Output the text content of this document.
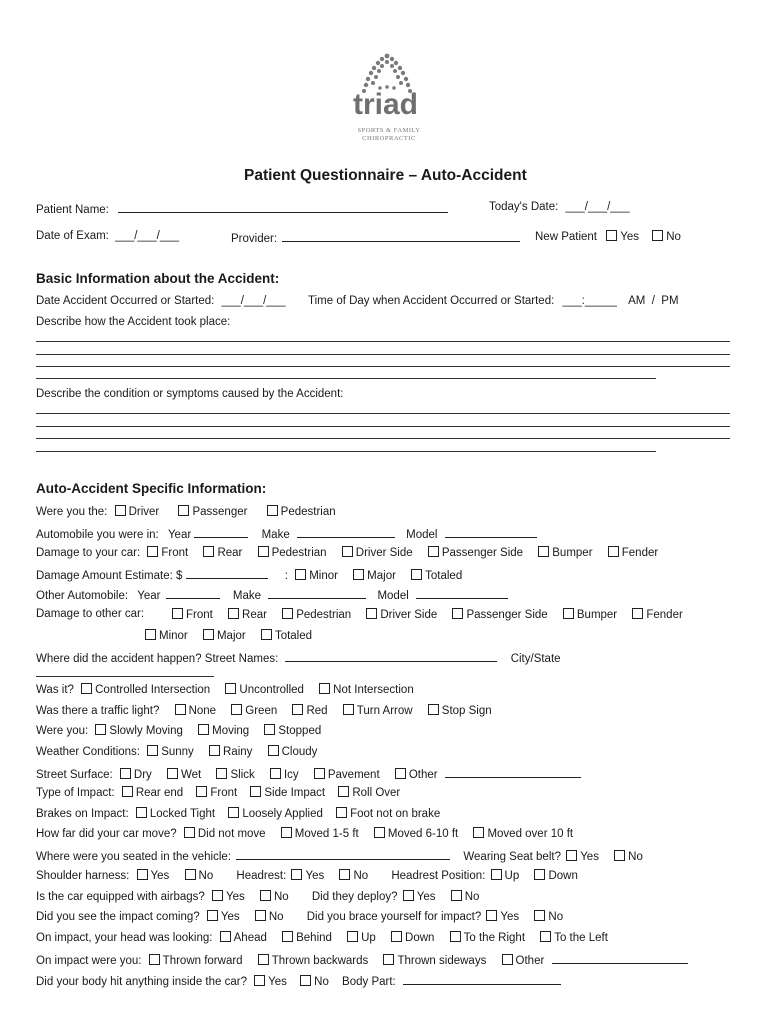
triad
SPORTS & FAMILY
CHIROPRACTIC
Patient Questionnaire – Auto-Accident
Patient Name:	Today's Date: ___/___/___
Date of Exam: ___/___/___	Provider:	New Patient Yes No
Basic Information about the Accident:
Date Accident Occurred or Started: ___/___/___ Time of Day when Accident Occurred or Started: ___:_____ AM  /  PM
Describe how the Accident took place:
Describe the condition or symptoms caused by the Accident:
Auto-Accident Specific Information:
Were you the: Driver	Passenger	Pedestrian
Automobile you were in: Year	Make	Model
Damage to your car: Front	Rear	Pedestrian	Driver Side	Passenger Side	Bumper	Fender
Damage Amount Estimate: $	: Minor	Major	Totaled
Other Automobile: Year	Make	Model
Damage to other car:	Front	Rear	Pedestrian	Driver Side	Passenger Side	Bumper	Fender
Minor	Major	Totaled
Where did the accident happen? Street Names:	City/State
Was it? Controlled Intersection	Uncontrolled	Not Intersection
Was there a traffic light?	None	Green	Red	Turn Arrow	Stop Sign
Were you: Slowly Moving	Moving	Stopped
Weather Conditions: Sunny	Rainy	Cloudy
Street Surface: Dry	Wet	Slick	Icy	Pavement	Other
Type of Impact: Rear end Front Side Impact Roll Over
Brakes on Impact: Locked Tight Loosely Applied Foot not on brake
How far did your car move? Did not move	Moved 1-5 ft	Moved 6-10 ft	Moved over 10 ft
Where were you seated in the vehicle:	Wearing Seat belt? Yes	No
Shoulder harness: Yes	No Headrest: Yes	No Headrest Position: Up	Down
Is the car equipped with airbags? Yes	No Did they deploy? Yes	No
Did you see the impact coming? Yes	No Did you brace yourself for impact? Yes	No
On impact, your head was looking: Ahead	Behind	Up	Down	To the Right	To the Left
On impact were you: Thrown forward	Thrown backwards	Thrown sideways	Other
Did your body hit anything inside the car? Yes No Body Part:
